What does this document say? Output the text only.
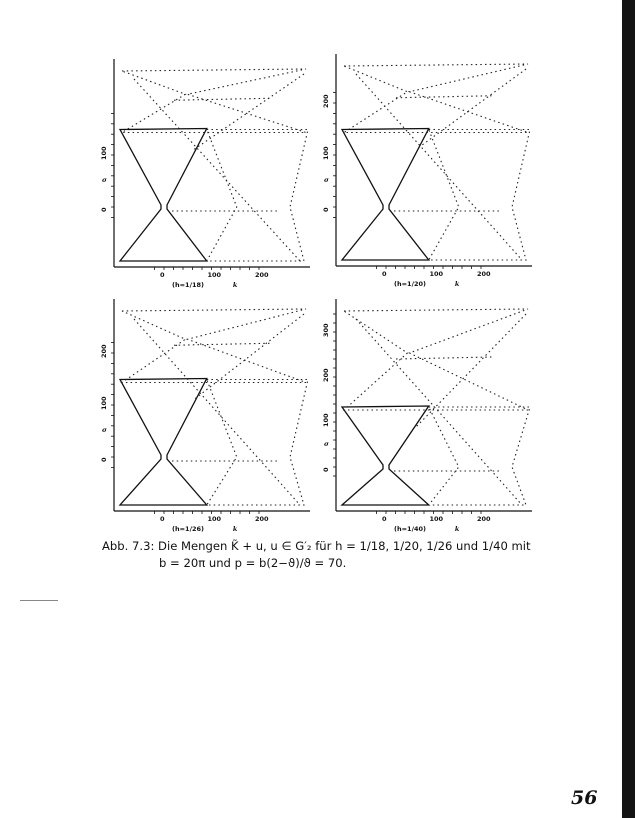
0	100	200
0
100
(h=1/18)	k
σ
0	100	200
0
100
200
(h=1/20)	k
σ
0	100	200
0
100
200
(h=1/26)	k
σ
0	100	200
0
100
200
300
(h=1/40)	k
σ
Abb. 7.3: Die Mengen K̃ + u, u ∈ G′₂ für h = 1/18, 1/20, 1/26 und 1/40 mit
b = 20π und p = b(2−ϑ)/ϑ = 70.
56
